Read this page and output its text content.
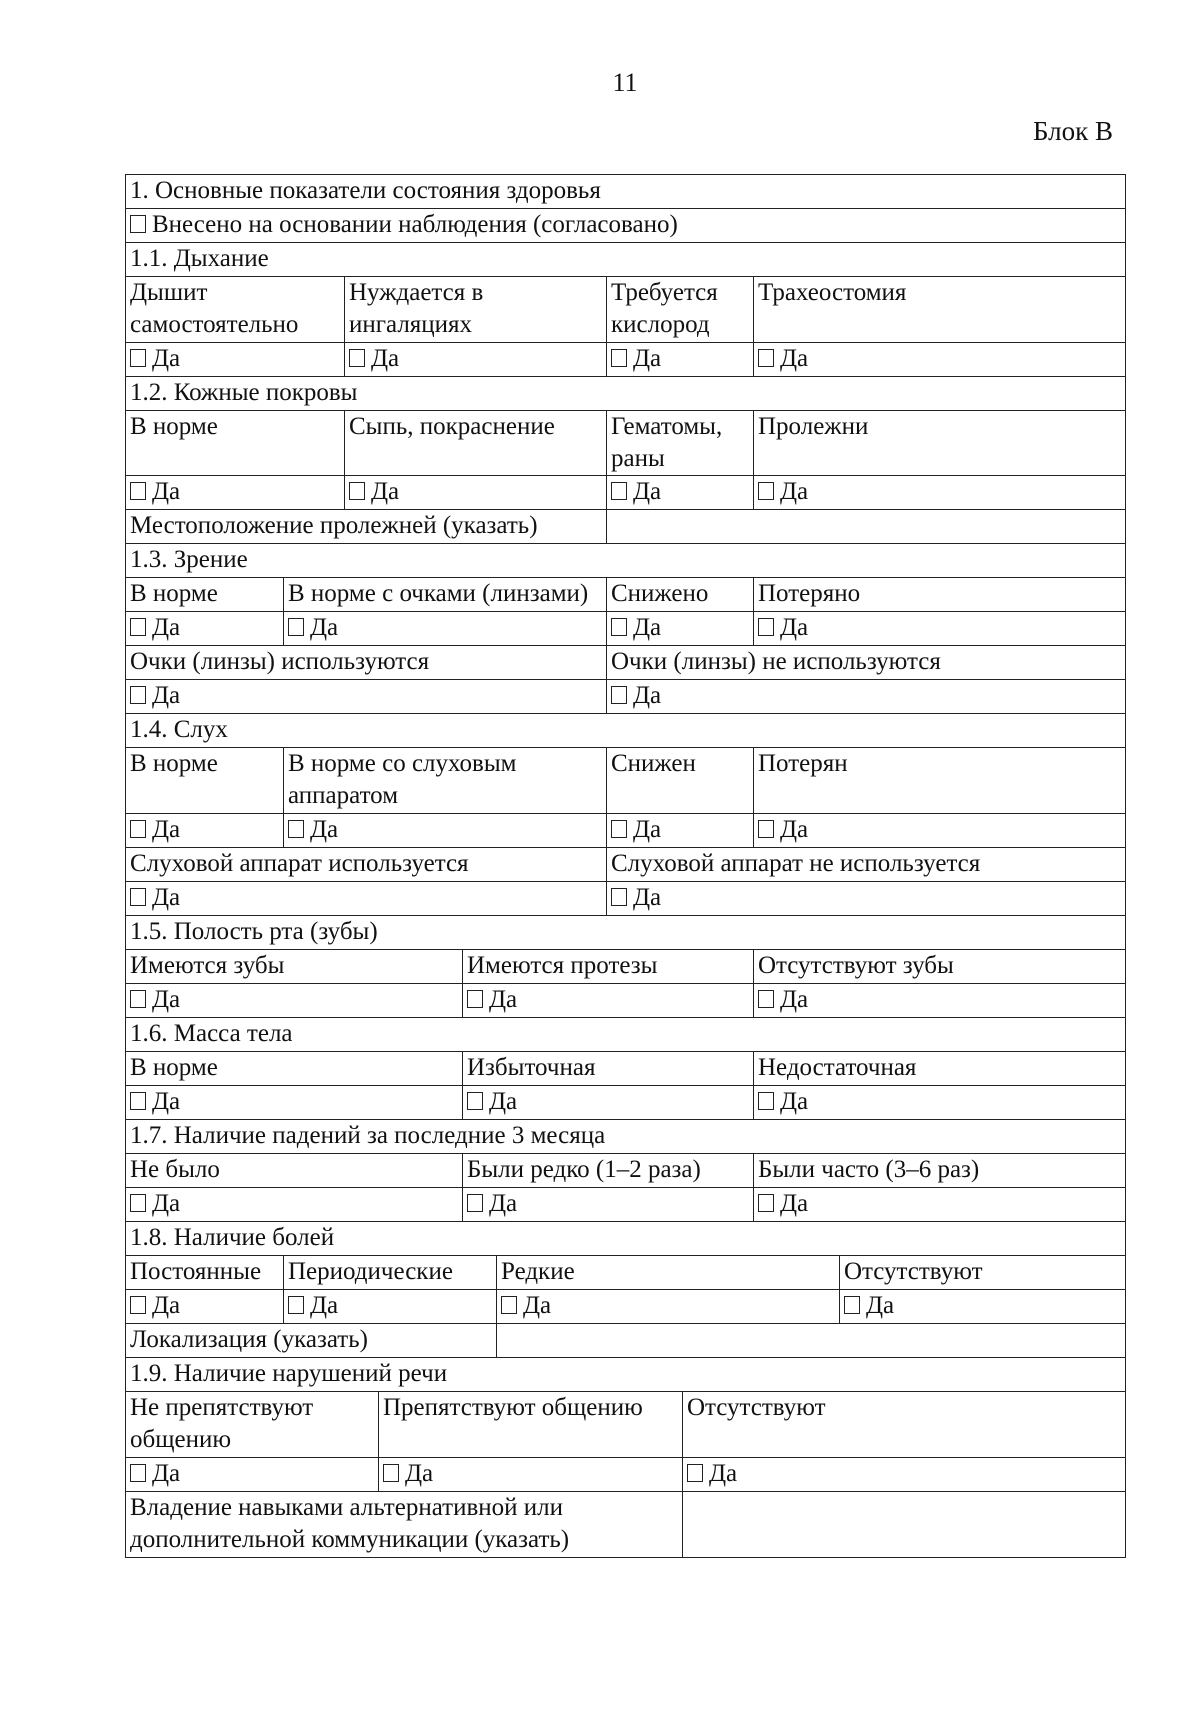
11
Блок В
1. Основные показатели состояния здоровья									
Внесено на основании наблюдения (согласовано)									
1.1. Дыхание									
Дышит самостоятельно		Нуждается в ингаляциях				Требуется кислород		Трахеостомия	
Да		Да				Да		Да	
1.2. Кожные покровы									
В норме		Сыпь, покраснение				Гематомы, раны		Пролежни	
Да		Да				Да		Да	
Местоположение пролежней (указать)									
1.3. Зрение									
В норме	В норме с очками (линзами)					Снижено		Потеряно	
Да	Да					Да		Да	
Очки (линзы) используются						Очки (линзы) не используются			
Да						Да			
1.4. Слух									
В норме	В норме со слуховым аппаратом					Снижен		Потерян	
Да	Да					Да		Да	
Слуховой аппарат используется						Слуховой аппарат не используется			
Да						Да			
1.5. Полость рта (зубы)									
Имеются зубы				Имеются протезы				Отсутствуют зубы	
Да				Да				Да	
1.6. Масса тела									
В норме				Избыточная				Недостаточная	
Да				Да				Да	
1.7. Наличие падений за последние 3 месяца									
Не было				Были редко (1–2 раза)				Были часто (3–6 раз)	
Да				Да				Да	
1.8. Наличие болей									
Постоянные	Периодические				Редкие				Отсутствуют
Да	Да				Да				Да
Локализация (указать)									
1.9. Наличие нарушений речи									
Не препятствуют общению			Препятствуют общению				Отсутствуют		
Да			Да				Да		
Владение навыками альтернативной или дополнительной коммуникации (указать)									
